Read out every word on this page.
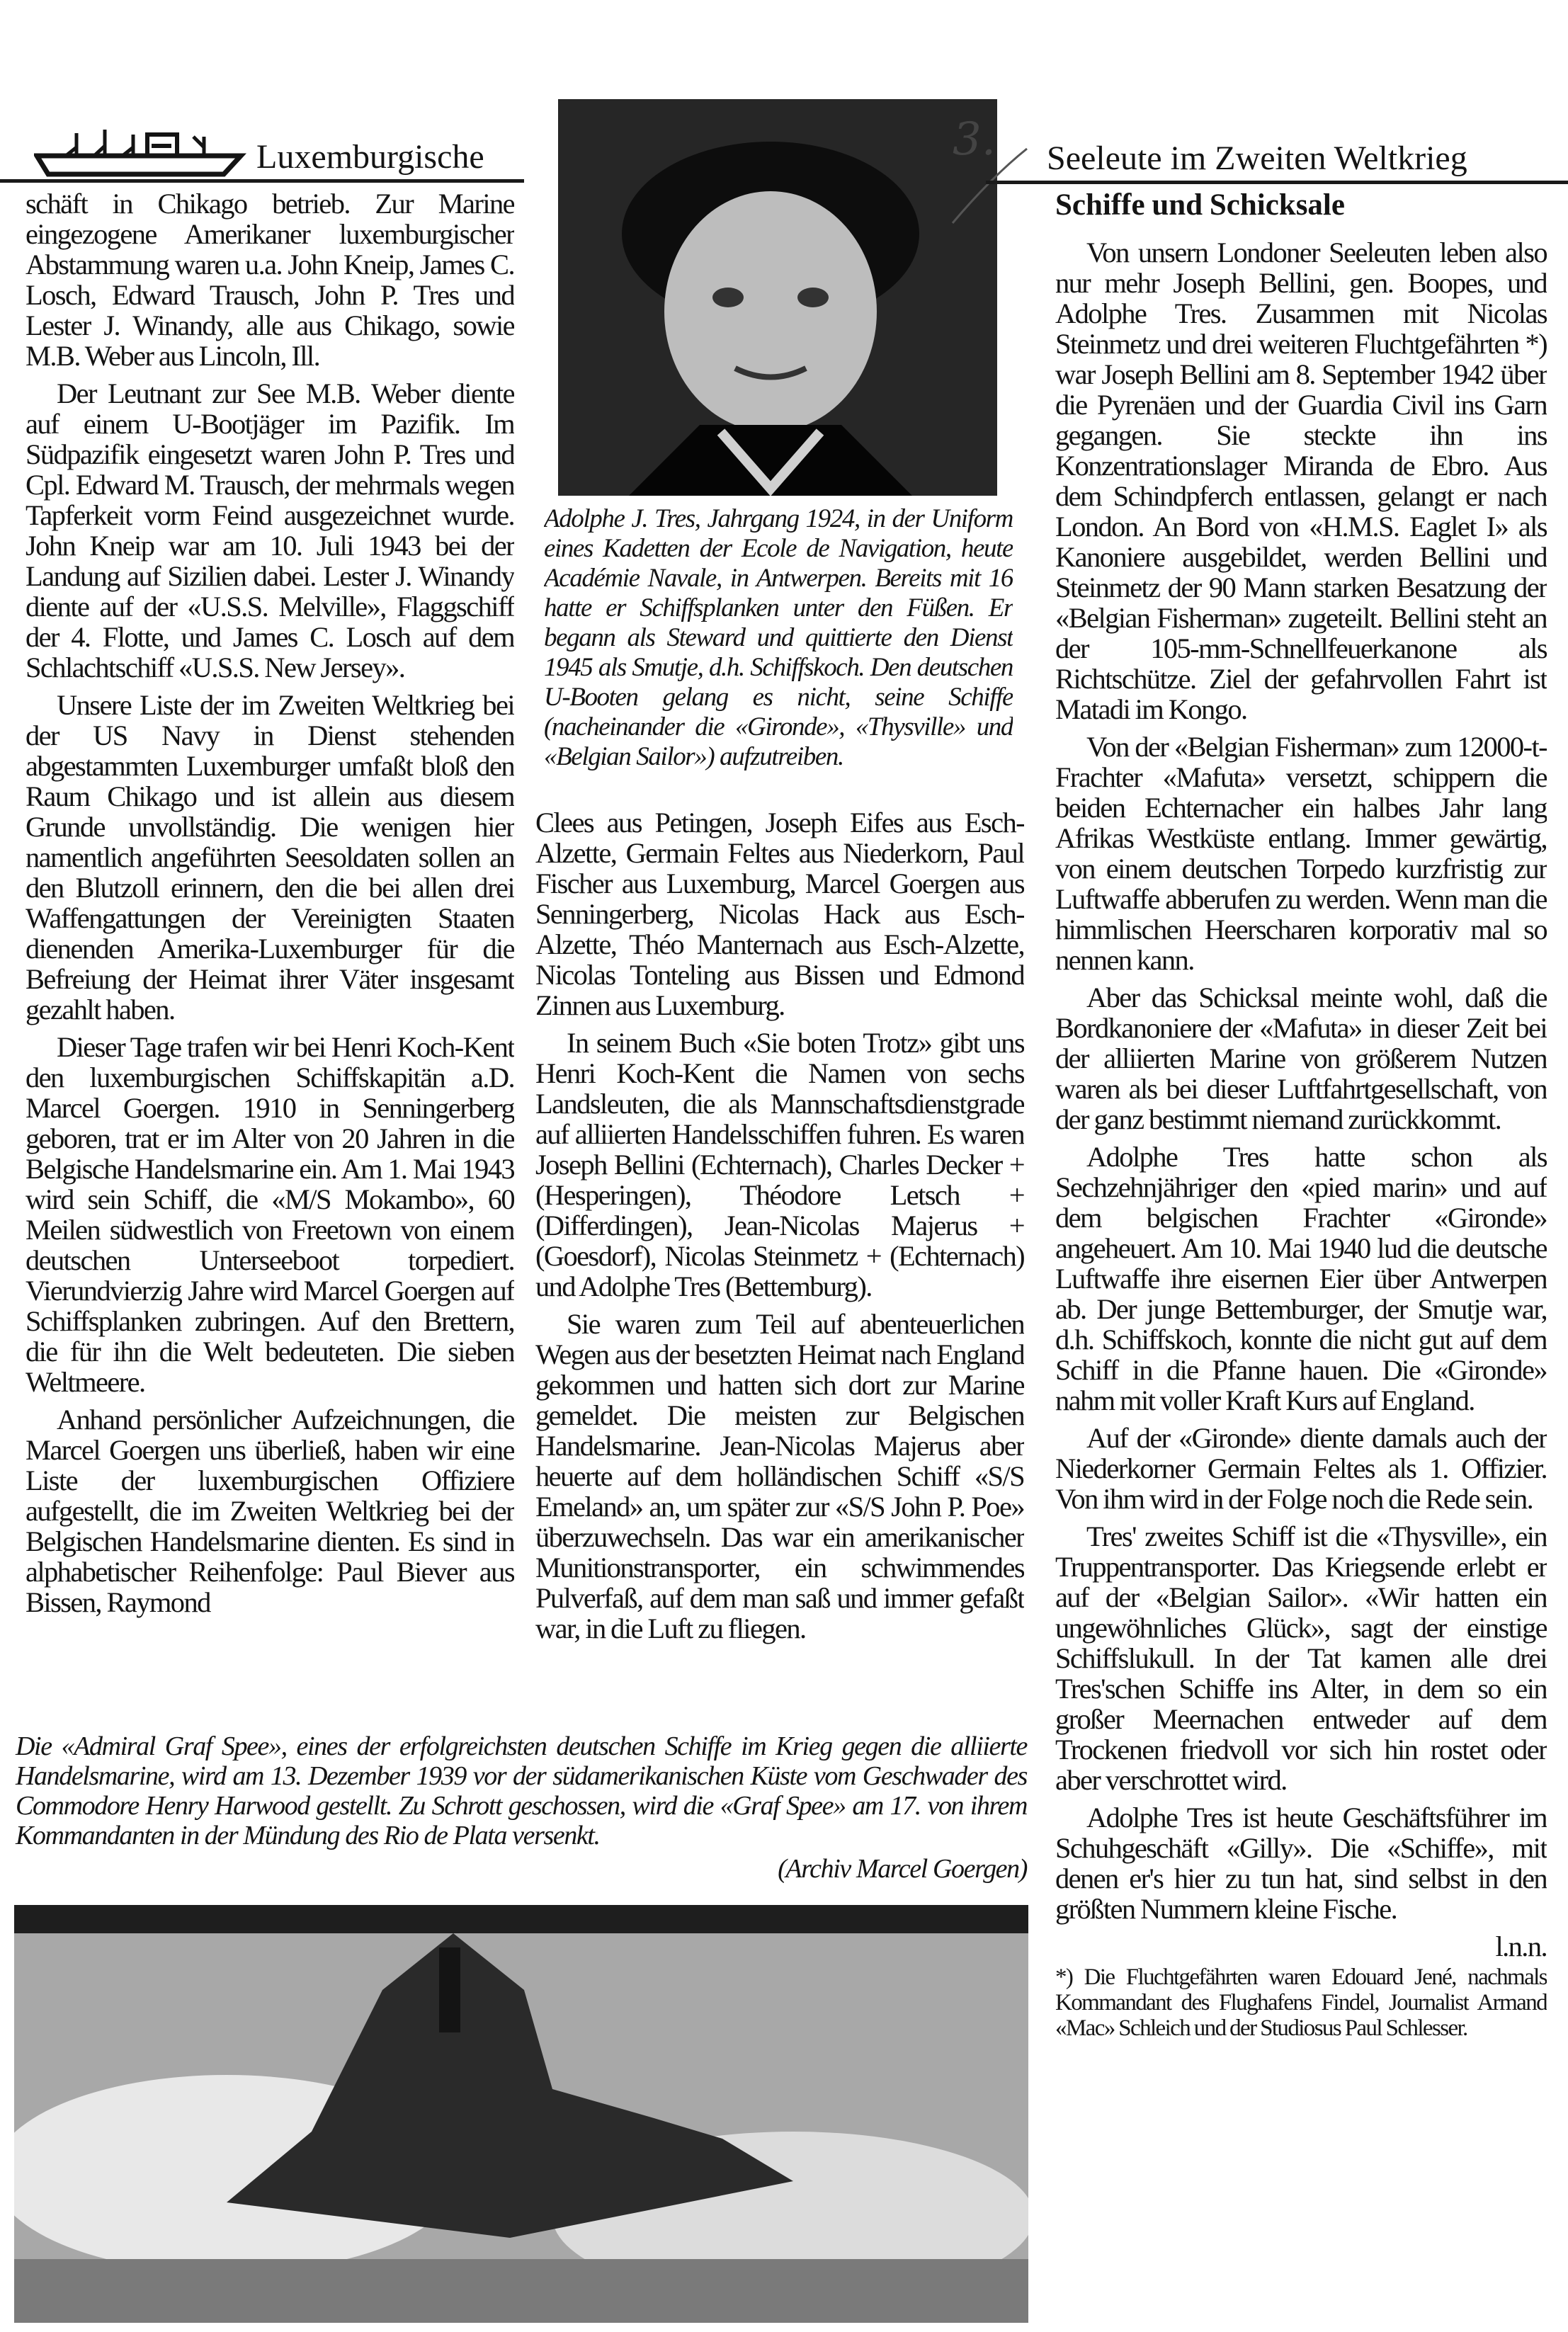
Luxemburgische
Adolphe J. Tres, Jahrgang 1924, in der Uniform eines Kadetten der Ecole de Navigation, heute Académie Navale, in Antwerpen. Bereits mit 16 hatte er Schiffsplanken unter den Füßen. Er begann als Steward und quittierte den Dienst 1945 als Smutje, d.h. Schiffskoch. Den deutschen U-Booten gelang es nicht, seine Schiffe (nacheinander die «Gironde», «Thysville» und «Belgian Sailor») aufzutreiben.
3. Seeleute im Zweiten Weltkrieg

schäft in Chikago betrieb. Zur Marine eingezogene Amerikaner luxemburgischer Abstammung waren u.a. John Kneip, James C. Losch, Edward Trausch, John P. Tres und Lester J. Winandy, alle aus Chikago, sowie M.B. Weber aus Lincoln, Ill.

Der Leutnant zur See M.B. Weber diente auf einem U-Bootjäger im Pazifik. Im Südpazifik eingesetzt waren John P. Tres und Cpl. Edward M. Trausch, der mehrmals wegen Tapferkeit vorm Feind ausgezeichnet wurde. John Kneip war am 10. Juli 1943 bei der Landung auf Sizilien dabei. Lester J. Winandy diente auf der «U.S.S. Melville», Flaggschiff der 4. Flotte, und James C. Losch auf dem Schlachtschiff «U.S.S. New Jersey».

Unsere Liste der im Zweiten Weltkrieg bei der US Navy in Dienst stehenden abgestammten Luxemburger umfaßt bloß den Raum Chikago und ist allein aus diesem Grunde unvollständig. Die wenigen hier namentlich angeführten Seesoldaten sollen an den Blutzoll erinnern, den die bei allen drei Waffengattungen der Vereinigten Staaten dienenden Amerika-Luxemburger für die Befreiung der Heimat ihrer Väter insgesamt gezahlt haben.

Dieser Tage trafen wir bei Henri Koch-Kent den luxemburgischen Schiffskapitän a.D. Marcel Goergen. 1910 in Senningerberg geboren, trat er im Alter von 20 Jahren in die Belgische Handelsmarine ein. Am 1. Mai 1943 wird sein Schiff, die «M/S Mokambo», 60 Meilen südwestlich von Freetown von einem deutschen Unterseeboot torpediert. Vierundvierzig Jahre wird Marcel Goergen auf Schiffsplanken zubringen. Auf den Brettern, die für ihn die Welt bedeuteten. Die sieben Weltmeere.

Anhand persönlicher Aufzeichnungen, die Marcel Goergen uns überließ, haben wir eine Liste der luxemburgischen Offiziere aufgestellt, die im Zweiten Weltkrieg bei der Belgischen Handelsmarine dienten. Es sind in alphabetischer Reihenfolge: Paul Biever aus Bissen, Raymond

Clees aus Petingen, Joseph Eifes aus Esch-Alzette, Germain Feltes aus Niederkorn, Paul Fischer aus Luxemburg, Marcel Goergen aus Senningerberg, Nicolas Hack aus Esch-Alzette, Théo Manternach aus Esch-Alzette, Nicolas Tonteling aus Bissen und Edmond Zinnen aus Luxemburg.

In seinem Buch «Sie boten Trotz» gibt uns Henri Koch-Kent die Namen von sechs Landsleuten, die als Mannschaftsdienstgrade auf alliierten Handelsschiffen fuhren. Es waren Joseph Bellini (Echternach), Charles Decker + (Hesperingen), Théodore Letsch + (Differdingen), Jean-Nicolas Majerus + (Goesdorf), Nicolas Steinmetz + (Echternach) und Adolphe Tres (Bettemburg).

Sie waren zum Teil auf abenteuerlichen Wegen aus der besetzten Heimat nach England gekommen und hatten sich dort zur Marine gemeldet. Die meisten zur Belgischen Handelsmarine. Jean-Nicolas Majerus aber heuerte auf dem holländischen Schiff «S/S Emeland» an, um später zur «S/S John P. Poe» überzuwechseln. Das war ein amerikanischer Munitionstransporter, ein schwimmendes Pulverfaß, auf dem man saß und immer gefaßt war, in die Luft zu fliegen.

Schiffe und Schicksale

Von unsern Londoner Seeleuten leben also nur mehr Joseph Bellini, gen. Boopes, und Adolphe Tres. Zusammen mit Nicolas Steinmetz und drei weiteren Fluchtgefährten *) war Joseph Bellini am 8. September 1942 über die Pyrenäen und der Guardia Civil ins Garn gegangen. Sie steckte ihn ins Konzentrationslager Miranda de Ebro. Aus dem Schindpferch entlassen, gelangt er nach London. An Bord von «H.M.S. Eaglet I» als Kanoniere ausgebildet, werden Bellini und Steinmetz der 90 Mann starken Besatzung der «Belgian Fisherman» zugeteilt. Bellini steht an der 105-mm-Schnellfeuerkanone als Richtschütze. Ziel der gefahrvollen Fahrt ist Matadi im Kongo.

Von der «Belgian Fisherman» zum 12000-t-Frachter «Mafuta» versetzt, schippern die beiden Echternacher ein halbes Jahr lang Afrikas Westküste entlang. Immer gewärtig, von einem deutschen Torpedo kurzfristig zur Luftwaffe abberufen zu werden. Wenn man die himmlischen Heerscharen korporativ mal so nennen kann.

Aber das Schicksal meinte wohl, daß die Bordkanoniere der «Mafuta» in dieser Zeit bei der alliierten Marine von größerem Nutzen waren als bei dieser Luftfahrtgesellschaft, von der ganz bestimmt niemand zurückkommt.

Adolphe Tres hatte schon als Sechzehnjähriger den «pied marin» und auf dem belgischen Frachter «Gironde» angeheuert. Am 10. Mai 1940 lud die deutsche Luftwaffe ihre eisernen Eier über Antwerpen ab. Der junge Bettemburger, der Smutje war, d.h. Schiffskoch, konnte die nicht gut auf dem Schiff in die Pfanne hauen. Die «Gironde» nahm mit voller Kraft Kurs auf England.

Auf der «Gironde» diente damals auch der Niederkorner Germain Feltes als 1. Offizier. Von ihm wird in der Folge noch die Rede sein.

Tres' zweites Schiff ist die «Thysville», ein Truppentransporter. Das Kriegsende erlebt er auf der «Belgian Sailor». «Wir hatten ein ungewöhnliches Glück», sagt der einstige Schiffslukull. In der Tat kamen alle drei Tres'schen Schiffe ins Alter, in dem so ein großer Meernachen entweder auf dem Trockenen friedvoll vor sich hin rostet oder aber verschrottet wird.

Adolphe Tres ist heute Geschäftsführer im Schuhgeschäft «Gilly». Die «Schiffe», mit denen er's hier zu tun hat, sind selbst in den größten Nummern kleine Fische.

l.n.n.

*) Die Fluchtgefährten waren Edouard Jené, nachmals Kommandant des Flughafens Findel, Journalist Armand «Mac» Schleich und der Studiosus Paul Schlesser.

Die «Admiral Graf Spee», eines der erfolgreichsten deutschen Schiffe im Krieg gegen die alliierte Handelsmarine, wird am 13. Dezember 1939 vor der südamerikanischen Küste vom Geschwader des Commodore Henry Harwood gestellt. Zu Schrott geschossen, wird die «Graf Spee» am 17. von ihrem Kommandanten in der Mündung des Rio de Plata versenkt.
(Archiv Marcel Goergen)
